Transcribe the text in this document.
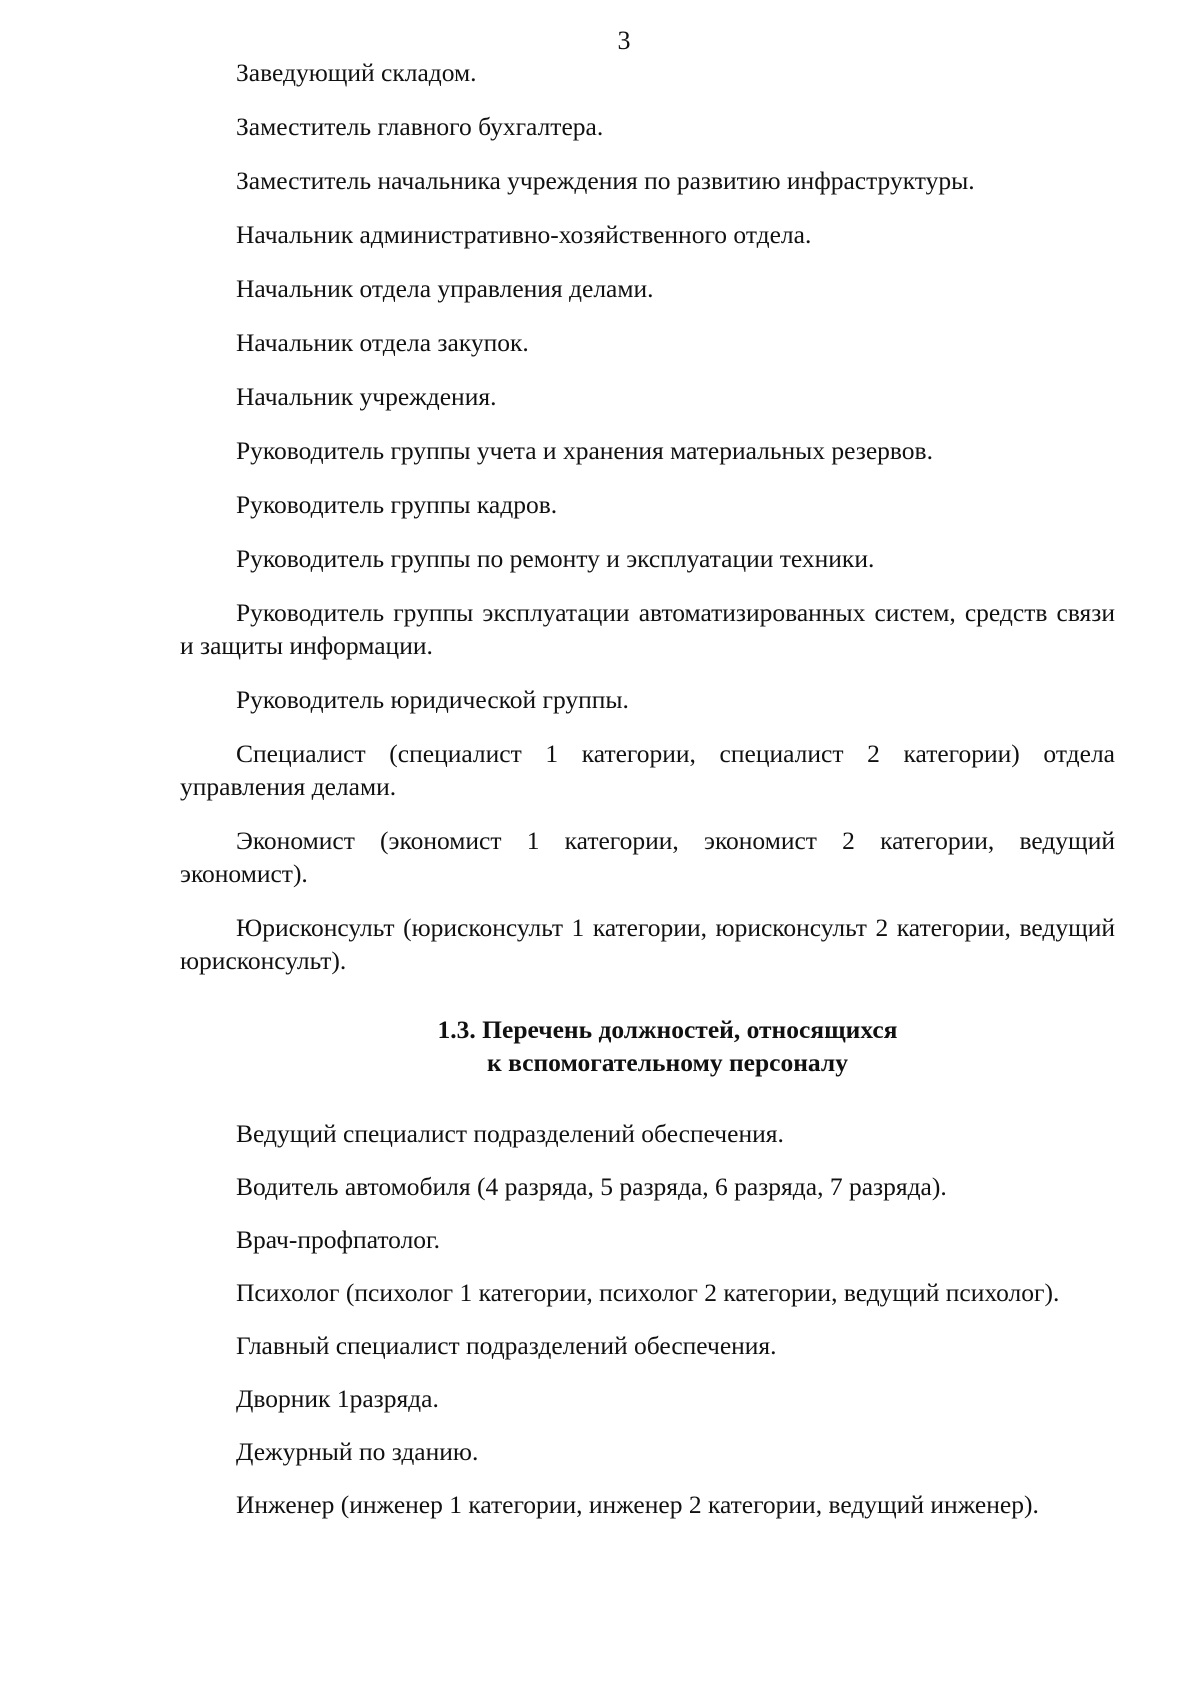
3

Заведующий складом.

Заместитель главного бухгалтера.

Заместитель начальника учреждения по развитию инфраструктуры.

Начальник административно-хозяйственного отдела.

Начальник отдела управления делами.

Начальник отдела закупок.

Начальник учреждения.

Руководитель группы учета и хранения материальных резервов.

Руководитель группы кадров.

Руководитель группы по ремонту и эксплуатации техники.

Руководитель группы эксплуатации автоматизированных систем, средств связи и защиты информации.

Руководитель юридической группы.

Специалист (специалист 1 категории, специалист 2 категории) отдела управления делами.

Экономист (экономист 1 категории, экономист 2 категории, ведущий экономист).

Юрисконсульт (юрисконсульт 1 категории, юрисконсульт 2 категории, ведущий юрисконсульт).

1.3. Перечень должностей, относящихся

к вспомогательному персоналу

Ведущий специалист подразделений обеспечения.

Водитель автомобиля (4 разряда, 5 разряда, 6 разряда, 7 разряда).

Врач-профпатолог.

Психолог (психолог 1 категории, психолог 2 категории, ведущий психолог).

Главный специалист подразделений обеспечения.

Дворник 1разряда.

Дежурный по зданию.

Инженер (инженер 1 категории, инженер 2 категории, ведущий инженер).
